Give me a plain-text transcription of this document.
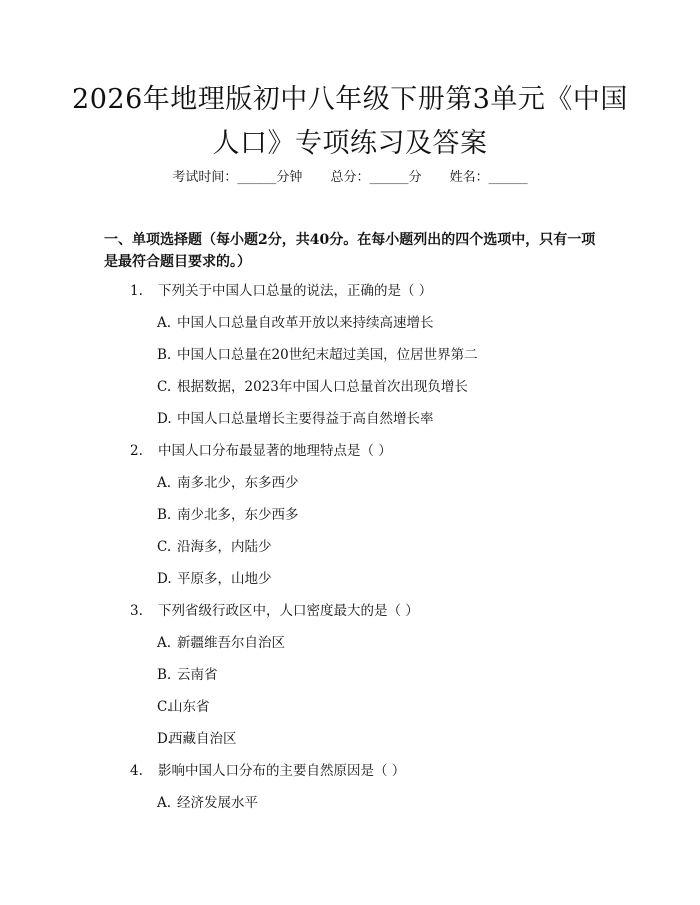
2026年地理版初中八年级下册第3单元《中国人口》专项练习及答案
考试时间：______分钟 总分：______分 姓名：______

一、单项选择题（每小题2分，共40分。在每小题列出的四个选项中，只有一项是最符合题目要求的。）

1. 下列关于中国人口总量的说法，正确的是（ ）
A. 中国人口总量自改革开放以来持续高速增长
B. 中国人口总量在20世纪末超过美国，位居世界第二
C. 根据数据，2023年中国人口总量首次出现负增长
D. 中国人口总量增长主要得益于高自然增长率
2. 中国人口分布最显著的地理特点是（ ）
A. 南多北少，东多西少
B. 南少北多，东少西多
C. 沿海多，内陆少
D. 平原多，山地少
3. 下列省级行政区中，人口密度最大的是（ ）
A. 新疆维吾尔自治区
B. 云南省
C.山东省
D.西藏自治区
4. 影响中国人口分布的主要自然原因是（ ）
A. 经济发展水平
